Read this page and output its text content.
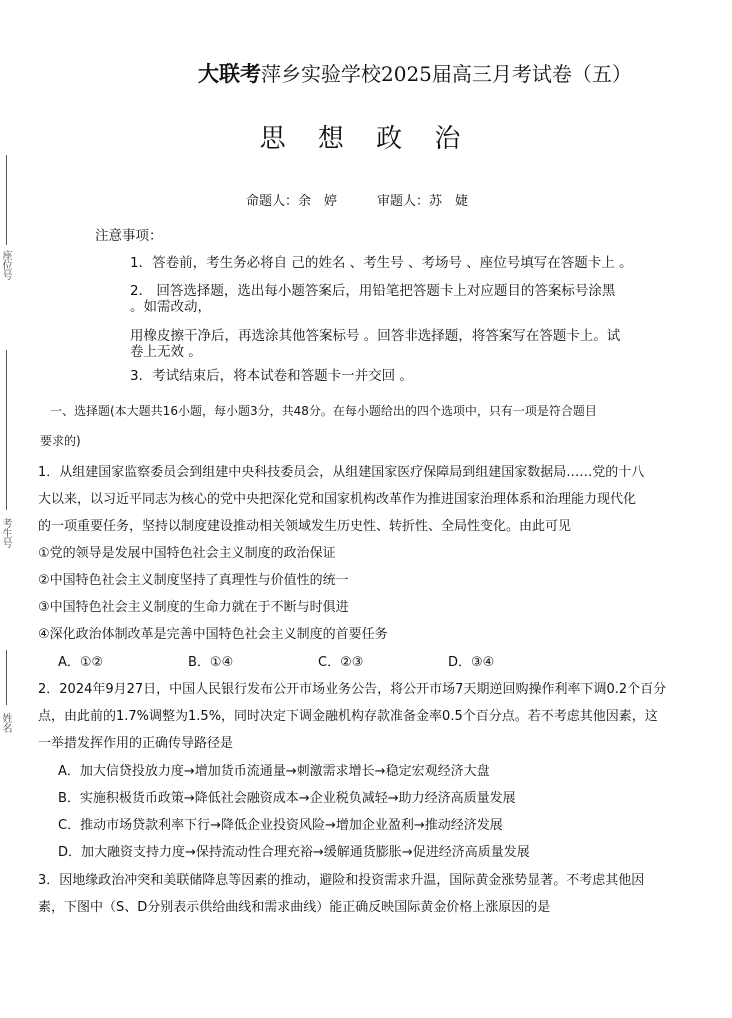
座位号
考生号
姓名
大联考萍乡实验学校2025届高三月考试卷（五）
思 想 政 治
命题人：余　婷	审题人：苏　婕
注意事项：
1．答卷前，考生务必将自 己的姓名 、考生号 、考场号 、座位号填写在答题卡上 。
2． 回答选择题，选出每小题答案后，用铅笔把答题卡上对应题目的答案标号涂黑
。如需改动，
用橡皮擦干净后，再选涂其他答案标号 。回答非选择题，将答案写在答题卡上。试
卷上无效 。
3．考试结束后，将本试卷和答题卡一并交回 。
一、选择题(本大题共16小题，每小题3分，共48分。在每小题给出的四个选项中，只有一项是符合题目
要求的)
1．从组建国家监察委员会到组建中央科技委员会，从组建国家医疗保障局到组建国家数据局……党的十八
大以来，以习近平同志为核心的党中央把深化党和国家机构改革作为推进国家治理体系和治理能力现代化
的一项重要任务，坚持以制度建设推动相关领域发生历史性、转折性、全局性变化。由此可见
①党的领导是发展中国特色社会主义制度的政治保证
②中国特色社会主义制度坚持了真理性与价值性的统一
③中国特色社会主义制度的生命力就在于不断与时俱进
④深化政治体制改革是完善中国特色社会主义制度的首要任务
A．①②	B．①④	C．②③	D．③④
2．2024年9月27日，中国人民银行发布公开市场业务公告，将公开市场7天期逆回购操作利率下调0.2个百分
点，由此前的1.7%调整为1.5%，同时决定下调金融机构存款准备金率0.5个百分点。若不考虑其他因素，这
一举措发挥作用的正确传导路径是
A．加大信贷投放力度→增加货币流通量→刺激需求增长→稳定宏观经济大盘
B．实施积极货币政策→降低社会融资成本→企业税负减轻→助力经济高质量发展
C．推动市场贷款利率下行→降低企业投资风险→增加企业盈利→推动经济发展
D．加大融资支持力度→保持流动性合理充裕→缓解通货膨胀→促进经济高质量发展
3．因地缘政治冲突和美联储降息等因素的推动，避险和投资需求升温，国际黄金涨势显著。不考虑其他因
素，下图中（S、D分别表示供给曲线和需求曲线）能正确反映国际黄金价格上涨原因的是
